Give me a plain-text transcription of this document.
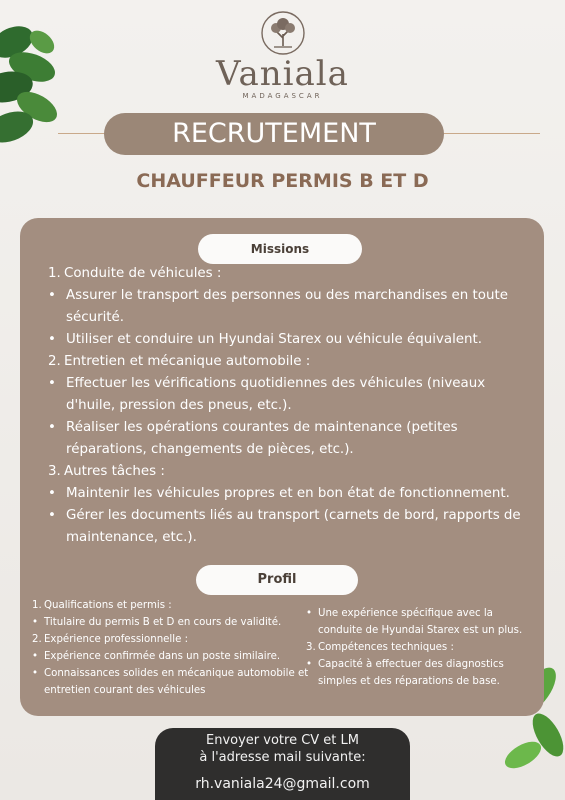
Vaniala
MADAGASCAR
RECRUTEMENT
CHAUFFEUR PERMIS B ET D
Missions
1. Conduite de véhicules :
• Assurer le transport des personnes ou des marchandises en toute sécurité.
• Utiliser et conduire un Hyundai Starex ou véhicule équivalent.
2. Entretien et mécanique automobile :
• Effectuer les vérifications quotidiennes des véhicules (niveaux d'huile, pression des pneus, etc.).
• Réaliser les opérations courantes de maintenance (petites réparations, changements de pièces, etc.).
3. Autres tâches :
• Maintenir les véhicules propres et en bon état de fonctionnement.
• Gérer les documents liés au transport (carnets de bord, rapports de maintenance, etc.).
Profil
1. Qualifications et permis :
• Titulaire du permis B et D en cours de validité.
2. Expérience professionnelle :
• Expérience confirmée dans un poste similaire.
• Connaissances solides en mécanique automobile et entretien courant des véhicules
• Une expérience spécifique avec la conduite de Hyundai Starex est un plus.
3. Compétences techniques :
• Capacité à effectuer des diagnostics simples et des réparations de base.
Envoyer votre CV et LM
à l'adresse mail suivante:
rh.vaniala24@gmail.com
